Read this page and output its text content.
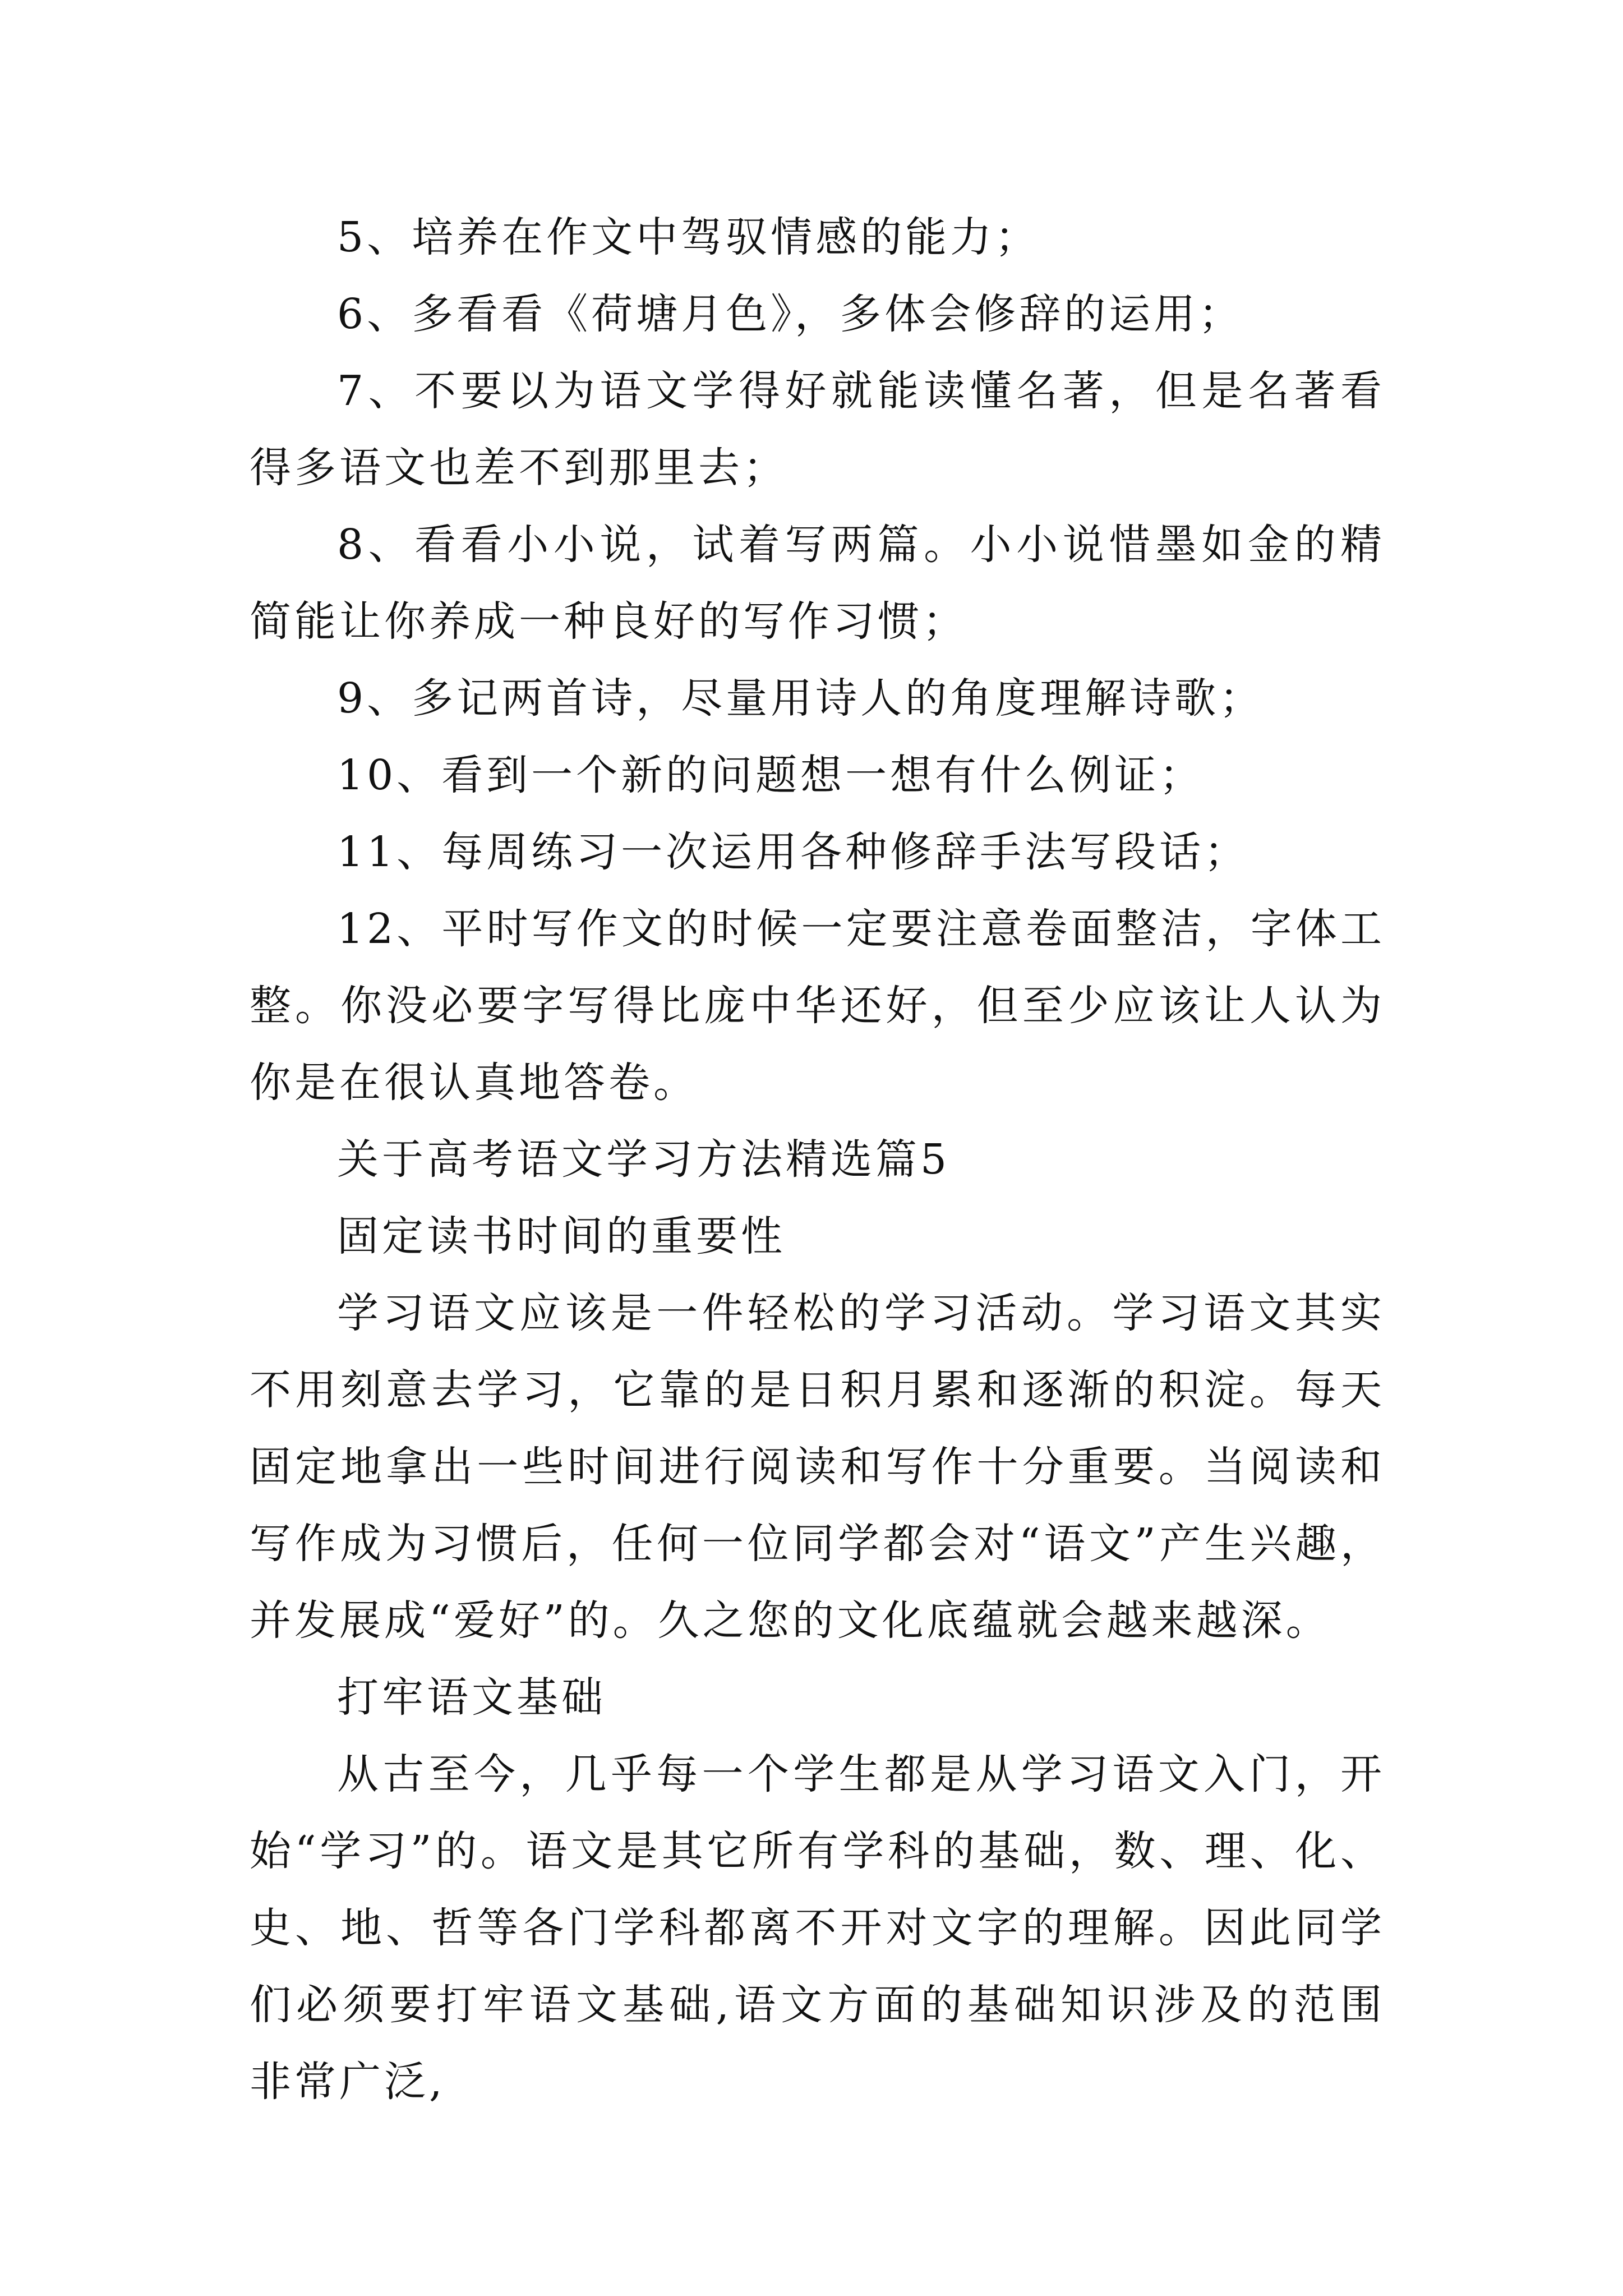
5、培养在作文中驾驭情感的能力；

6、多看看《荷塘月色》，多体会修辞的运用；

7、不要以为语文学得好就能读懂名著，但是名著看得多语文也差不到那里去；

8、看看小小说，试着写两篇。小小说惜墨如金的精简能让你养成一种良好的写作习惯；

9、多记两首诗，尽量用诗人的角度理解诗歌；

10、看到一个新的问题想一想有什么例证；

11、每周练习一次运用各种修辞手法写段话；

12、平时写作文的时候一定要注意卷面整洁，字体工整。你没必要字写得比庞中华还好，但至少应该让人认为你是在很认真地答卷。

关于高考语文学习方法精选篇5

固定读书时间的重要性

学习语文应该是一件轻松的学习活动。学习语文其实不用刻意去学习，它靠的是日积月累和逐渐的积淀。每天固定地拿出一些时间进行阅读和写作十分重要。当阅读和写作成为习惯后，任何一位同学都会对“语文”产生兴趣，并发展成“爱好”的。久之您的文化底蕴就会越来越深。

打牢语文基础

从古至今，几乎每一个学生都是从学习语文入门，开始“学习”的。语文是其它所有学科的基础，数、理、化、史、地、哲等各门学科都离不开对文字的理解。因此同学们必须要打牢语文基础,语文方面的基础知识涉及的范围非常广泛,
